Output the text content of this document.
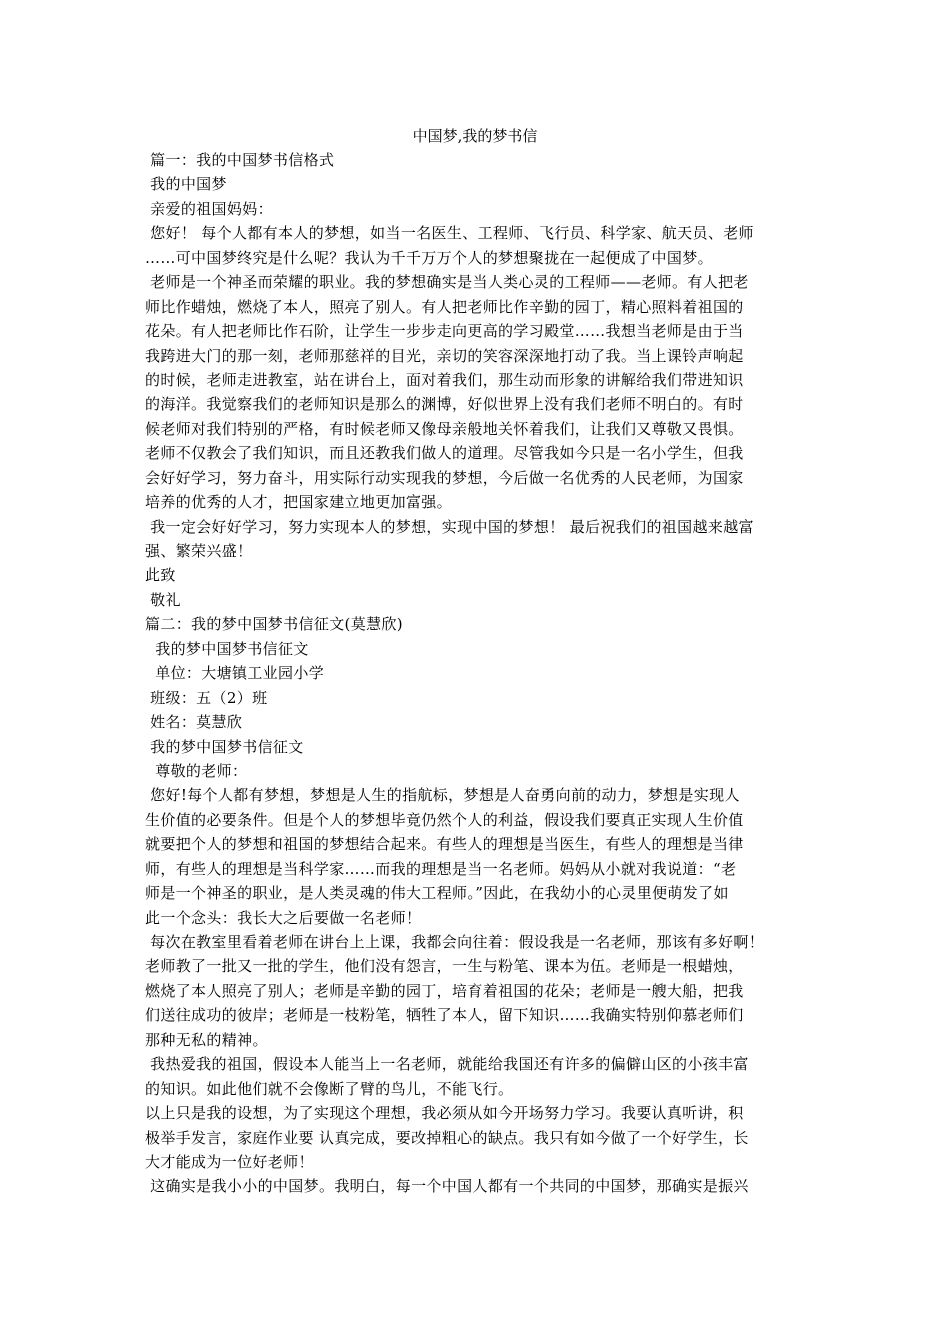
中国梦,我的梦书信
篇一：我的中国梦书信格式
我的中国梦
亲爱的祖国妈妈：
您好！ 每个人都有本人的梦想，如当一名医生、工程师、飞行员、科学家、航天员、老师
……可中国梦终究是什么呢？我认为千千万万个人的梦想聚拢在一起便成了中国梦。
老师是一个神圣而荣耀的职业。我的梦想确实是当人类心灵的工程师——老师。有人把老
师比作蜡烛，燃烧了本人，照亮了别人。有人把老师比作辛勤的园丁，精心照料着祖国的
花朵。有人把老师比作石阶，让学生一步步走向更高的学习殿堂……我想当老师是由于当
我跨进大门的那一刻，老师那慈祥的目光，亲切的笑容深深地打动了我。当上课铃声响起
的时候，老师走进教室，站在讲台上，面对着我们，那生动而形象的讲解给我们带进知识
的海洋。我觉察我们的老师知识是那么的渊博，好似世界上没有我们老师不明白的。有时
候老师对我们特别的严格，有时候老师又像母亲般地关怀着我们，让我们又尊敬又畏惧。
老师不仅教会了我们知识，而且还教我们做人的道理。尽管我如今只是一名小学生，但我
会好好学习，努力奋斗，用实际行动实现我的梦想，今后做一名优秀的人民老师，为国家
培养的优秀的人才，把国家建立地更加富强。
我一定会好好学习，努力实现本人的梦想，实现中国的梦想！ 最后祝我们的祖国越来越富
强、繁荣兴盛！
此致
敬礼
篇二：我的梦中国梦书信征文(莫慧欣)
我的梦中国梦书信征文
单位：大塘镇工业园小学
班级：五（2）班
姓名：莫慧欣
我的梦中国梦书信征文
尊敬的老师：
您好!每个人都有梦想，梦想是人生的指航标，梦想是人奋勇向前的动力，梦想是实现人
生价值的必要条件。但是个人的梦想毕竟仍然个人的利益，假设我们要真正实现人生价值
就要把个人的梦想和祖国的梦想结合起来。有些人的理想是当医生，有些人的理想是当律
师，有些人的理想是当科学家……而我的理想是当一名老师。妈妈从小就对我说道：“老
师是一个神圣的职业，是人类灵魂的伟大工程师。”因此，在我幼小的心灵里便萌发了如
此一个念头：我长大之后要做一名老师！
每次在教室里看着老师在讲台上上课，我都会向往着：假设我是一名老师，那该有多好啊！
老师教了一批又一批的学生，他们没有怨言，一生与粉笔、课本为伍。老师是一根蜡烛，
燃烧了本人照亮了别人；老师是辛勤的园丁，培育着祖国的花朵；老师是一艘大船，把我
们送往成功的彼岸；老师是一枝粉笔，牺牲了本人，留下知识……我确实特别仰慕老师们
那种无私的精神。
我热爱我的祖国，假设本人能当上一名老师，就能给我国还有许多的偏僻山区的小孩丰富
的知识。如此他们就不会像断了臂的鸟儿，不能飞行。
以上只是我的设想，为了实现这个理想，我必须从如今开场努力学习。我要认真听讲，积
极举手发言，家庭作业要 认真完成，要改掉粗心的缺点。我只有如今做了一个好学生，长
大才能成为一位好老师！
这确实是我小小的中国梦。我明白，每一个中国人都有一个共同的中国梦，那确实是振兴
